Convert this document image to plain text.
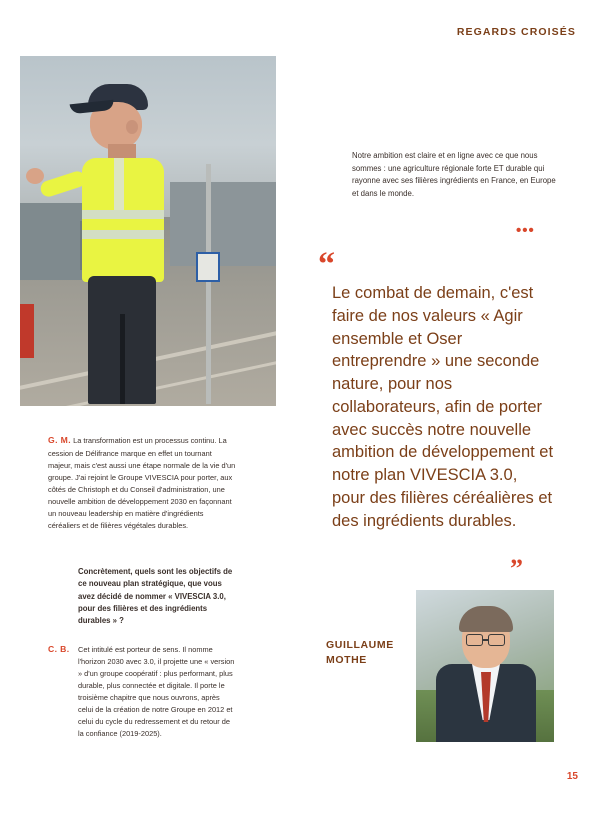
REGARDS CROISÉS
Notre ambition est claire et en ligne avec ce que nous sommes : une agriculture régionale forte ET durable qui rayonne avec ses filières ingrédients en France, en Europe et dans le monde.
•••
“
Le combat de demain, c'est faire de nos valeurs « Agir ensemble et Oser entreprendre » une seconde nature, pour nos collaborateurs, afin de porter avec succès notre nouvelle ambition de développement et notre plan VIVESCIA 3.0, pour des filières céréalières et des ingrédients durables.
”
GUILLAUME
MOTHE
G. M. La transformation est un processus continu. La cession de Délifrance marque en effet un tournant majeur, mais c'est aussi une étape normale de la vie d'un groupe. J'ai rejoint le Groupe VIVESCIA pour porter, aux côtés de Christoph et du Conseil d'administration, une nouvelle ambition de développement 2030 en façonnant un nouveau leadership en matière d'ingrédients céréaliers et de filières végétales durables.
Concrètement, quels sont les objectifs de ce nouveau plan stratégique, que vous avez décidé de nommer « VIVESCIA 3.0, pour des filières et des ingrédients durables » ?
C. B. Cet intitulé est porteur de sens. Il nomme l'horizon 2030 avec 3.0, il projette une « version » d'un groupe coopératif : plus performant, plus durable, plus connectée et digitale. Il porte le troisième chapitre que nous ouvrons, après celui de la création de notre Groupe en 2012 et celui du cycle du redressement et du retour de la confiance (2019-2025).

15
